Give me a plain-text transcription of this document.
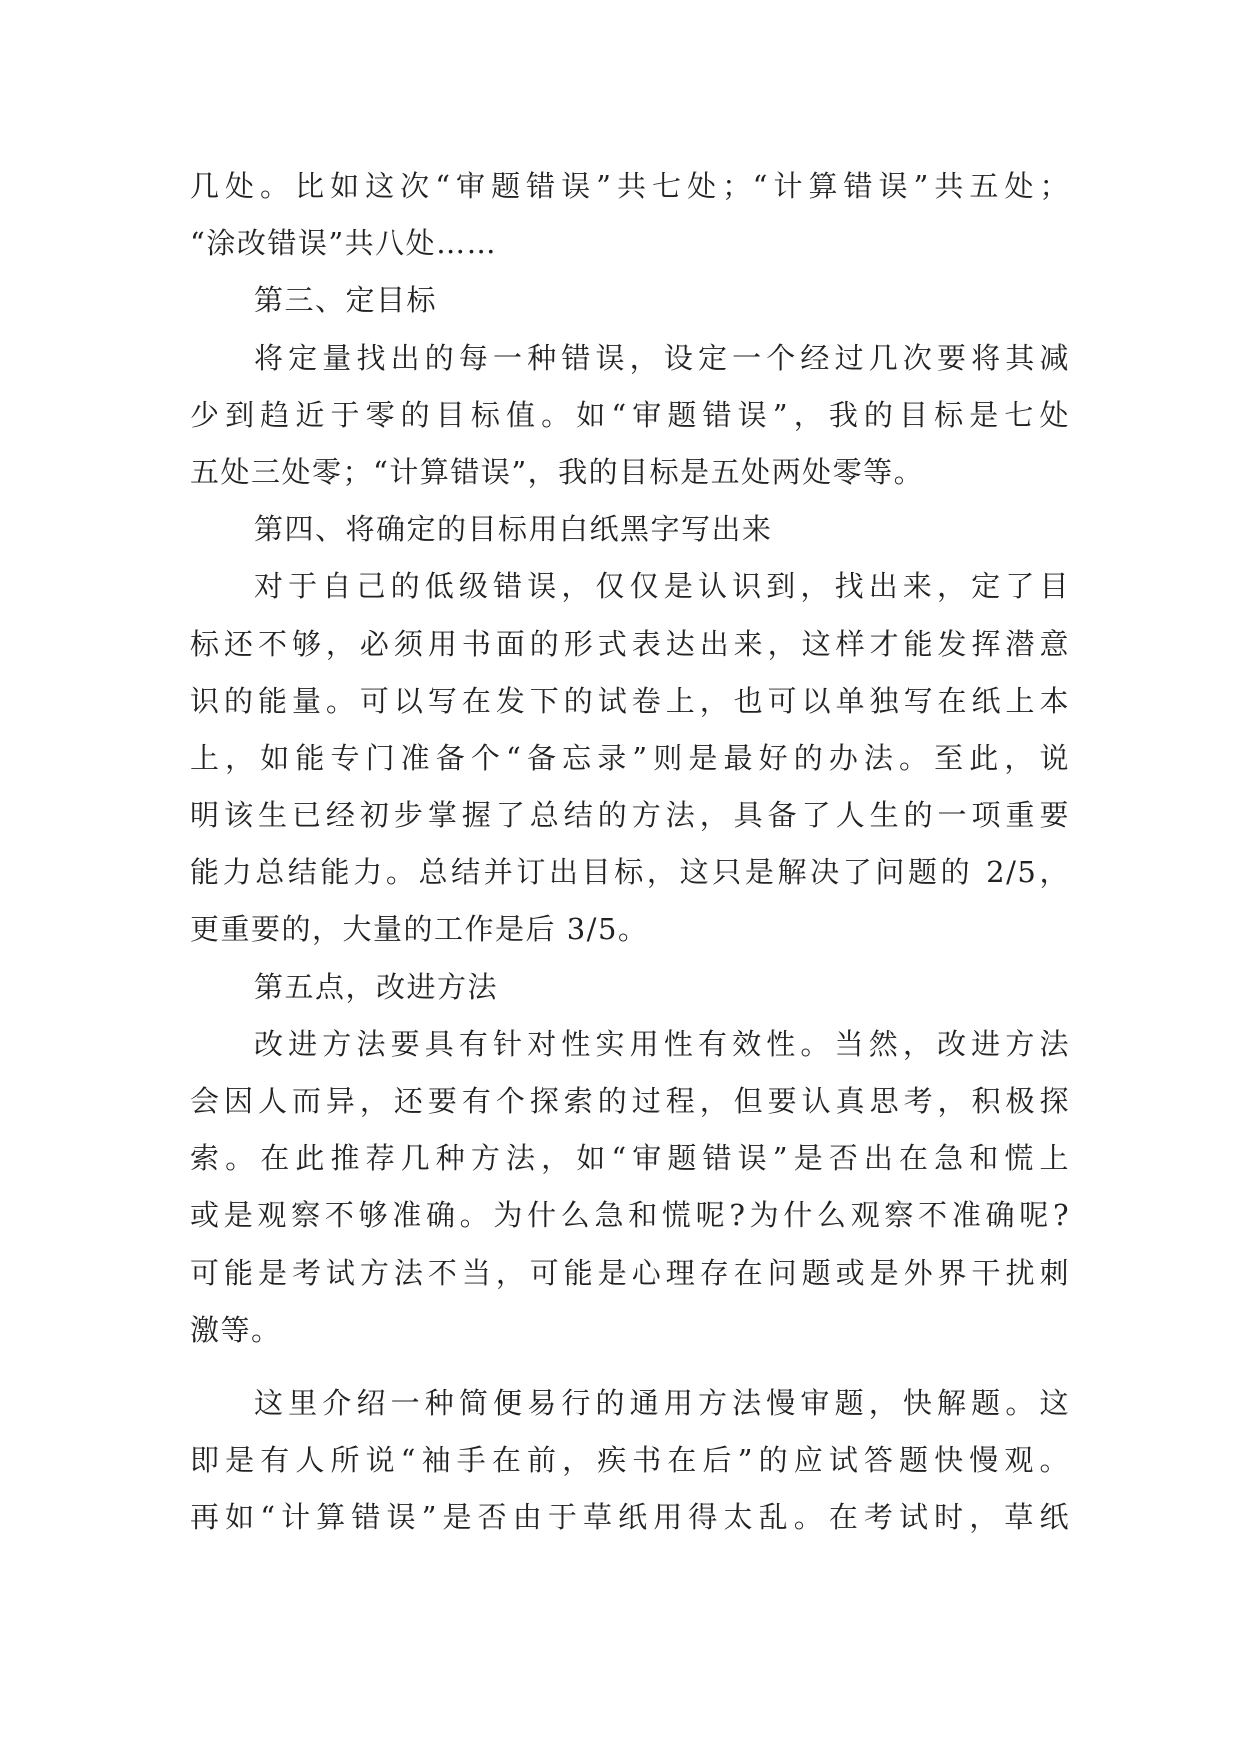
几处。比如这次“审题错误”共七处；“计算错误”共五处；
“涂改错误”共八处……
第三、定目标
将定量找出的每一种错误，设定一个经过几次要将其减
少到趋近于零的目标值。如“审题错误”，我的目标是七处
五处三处零；“计算错误”，我的目标是五处两处零等。
第四、将确定的目标用白纸黑字写出来
对于自己的低级错误，仅仅是认识到，找出来，定了目
标还不够，必须用书面的形式表达出来，这样才能发挥潜意
识的能量。可以写在发下的试卷上，也可以单独写在纸上本
上，如能专门准备个“备忘录”则是最好的办法。至此，说
明该生已经初步掌握了总结的方法，具备了人生的一项重要
能力总结能力。总结并订出目标，这只是解决了问题的 2/5，
更重要的，大量的工作是后 3/5。
第五点，改进方法
改进方法要具有针对性实用性有效性。当然，改进方法
会因人而异，还要有个探索的过程，但要认真思考，积极探
索。在此推荐几种方法，如“审题错误”是否出在急和慌上
或是观察不够准确。为什么急和慌呢?为什么观察不准确呢?
可能是考试方法不当，可能是心理存在问题或是外界干扰刺
激等。
这里介绍一种简便易行的通用方法慢审题，快解题。这
即是有人所说“袖手在前，疾书在后”的应试答题快慢观。
再如“计算错误”是否由于草纸用得太乱。在考试时，草纸
